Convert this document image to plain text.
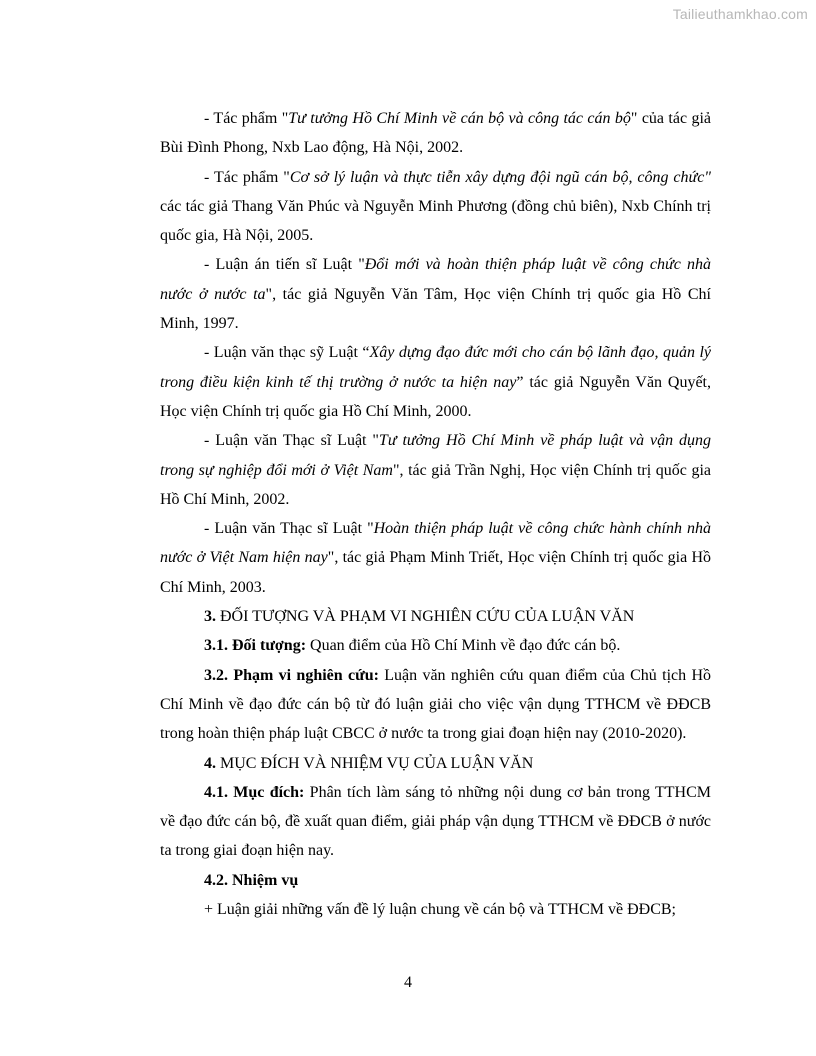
Tailieuthamkhao.com

- Tác phẩm "Tư tưởng Hồ Chí Minh về cán bộ và công tác cán bộ" của tác giả Bùi Đình Phong, Nxb Lao động, Hà Nội, 2002.

- Tác phẩm "Cơ sở lý luận và thực tiễn xây dựng đội ngũ cán bộ, công chức" các tác giả Thang Văn Phúc và Nguyễn Minh Phương (đồng chủ biên), Nxb Chính trị quốc gia, Hà Nội, 2005.

- Luận án tiến sĩ Luật "Đổi mới và hoàn thiện pháp luật về công chức nhà nước ở nước ta", tác giả Nguyễn Văn Tâm, Học viện Chính trị quốc gia Hồ Chí Minh, 1997.

- Luận văn thạc sỹ Luật “Xây dựng đạo đức mới cho cán bộ lãnh đạo, quản lý trong điều kiện kinh tế thị trường ở nước ta hiện nay” tác giả Nguyễn Văn Quyết, Học viện Chính trị quốc gia Hồ Chí Minh, 2000.

- Luận văn Thạc sĩ Luật "Tư tưởng Hồ Chí Minh về pháp luật và vận dụng trong sự nghiệp đổi mới ở Việt Nam", tác giả Trần Nghị, Học viện Chính trị quốc gia Hồ Chí Minh, 2002.

- Luận văn Thạc sĩ Luật "Hoàn thiện pháp luật về công chức hành chính nhà nước ở Việt Nam hiện nay", tác giả Phạm Minh Triết, Học viện Chính trị quốc gia Hồ Chí Minh, 2003.

3. ĐỐI TƯỢNG VÀ PHẠM VI NGHIÊN CỨU CỦA LUẬN VĂN

3.1. Đối tượng: Quan điểm của Hồ Chí Minh về đạo đức cán bộ.

3.2. Phạm vi nghiên cứu: Luận văn nghiên cứu quan điểm của Chủ tịch Hồ Chí Minh về đạo đức cán bộ từ đó luận giải cho việc vận dụng TTHCM về ĐĐCB trong hoàn thiện pháp luật CBCC ở nước ta trong giai đoạn hiện nay (2010-2020).

4. MỤC ĐÍCH VÀ NHIỆM VỤ CỦA LUẬN VĂN

4.1. Mục đích: Phân tích làm sáng tỏ những nội dung cơ bản trong TTHCM về đạo đức cán bộ, đề xuất quan điểm, giải pháp vận dụng TTHCM về ĐĐCB ở nước ta trong giai đoạn hiện nay.

4.2. Nhiệm vụ

+ Luận giải những vấn đề lý luận chung về cán bộ và TTHCM về ĐĐCB;

4
